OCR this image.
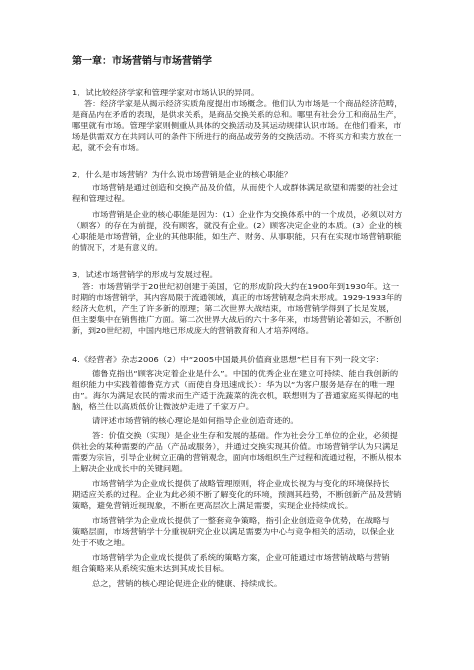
第一章：市场营销与市场营销学
1．试比较经济学家和管理学家对市场认识的异同。
答：经济学家是从揭示经济实质角度提出市场概念。他们认为市场是一个商品经济范畴，
是商品内在矛盾的表现，是供求关系，是商品交换关系的总和。哪里有社会分工和商品生产，
哪里就有市场。管理学家则侧重从具体的交换活动及其运动规律认识市场。在他们看来，市
场是供需双方在共同认可的条件下所进行的商品或劳务的交换活动。不将买方和卖方放在一
起，就不会有市场。
2．什么是市场营销？为什么说市场营销是企业的核心职能？
市场营销是通过创造和交换产品及价值，从而使个人或群体满足欲望和需要的社会过
程和管理过程。
市场营销是企业的核心职能是因为：(1）企业作为交换体系中的一个成员，必须以对方
（顾客）的存在为前提，没有顾客，就没有企业。(2）顾客决定企业的本质。(3）企业的核
心职能是市场营销，企业的其他职能，如生产、财务、从事职能，只有在实现市场营销职能
的情况下，才是有意义的。
3．试述市场营销学的形成与发展过程。
答：市场营销学于20世纪初创建于美国，它的形成阶段大约在1900年到1930年。这一
时期的市场营销学，其内容局限于流通领域，真正的市场营销观念尚未形成。1929-1933年的
经济大危机，产生了许多新的原理；第二次世界大战结束，市场营销学得到了长足发展，
但主要集中在销售推广方面。第二次世界大战后的六十多年来，市场营销论著如云，不断创
新，到20世纪初，中国内地已形成庞大的营销教育和人才培养网络。
4.《经营者》杂志2006（2）中“2005中国最具价值商业思想”栏目有下列一段文字：
德鲁克指出“顾客决定着企业是什么”。中国的优秀企业在建立可持续、能自我创新的
组织能力中实践着德鲁克方式（而使自身迅速成长）：华为以“为客户服务是存在的唯一理
由”。海尔为满足农民的需求而生产适于洗蔬菜的洗衣机，联想则为了普通家庭买得起的电
脑，格兰仕以高质低价让微波炉走进了千家万户。
请评述市场营销的核心理论是如何指导企业创造奇迹的。
答：价值交换（实现）是企业生存和发展的基础。作为社会分工单位的企业，必须提
供社会的某种需要的产品（产品或服务），并通过交换实现其价值。市场营销学认为只满足
需要为宗旨，引导企业树立正确的营销观念，面向市场组织生产过程和流通过程，不断从根本
上解决企业成长中的关键问题。
市场营销学为企业成长提供了战略管理原则，将企业成长视为与变化的环境保持长
期适应关系的过程。企业为此必须不断了解变化的环境，预测其趋势，不断创新产品及营销
策略，避免营销近视现象，不断在更高层次上满足需要，实现企业持续成长。
市场营销学为企业成长提供了一整套竞争策略，指引企业创造竞争优势，在战略与
策略层面，市场营销学十分重视研究企业以满足需要为中心与竞争相关的活动，以保企业
处于不败之地。
市场营销学为企业成长提供了系统的策略方案，企业可能通过市场营销战略与营销
组合策略来从系统实施未达到其成长目标。
总之，营销的核心理论促进企业的健康、持续成长。
